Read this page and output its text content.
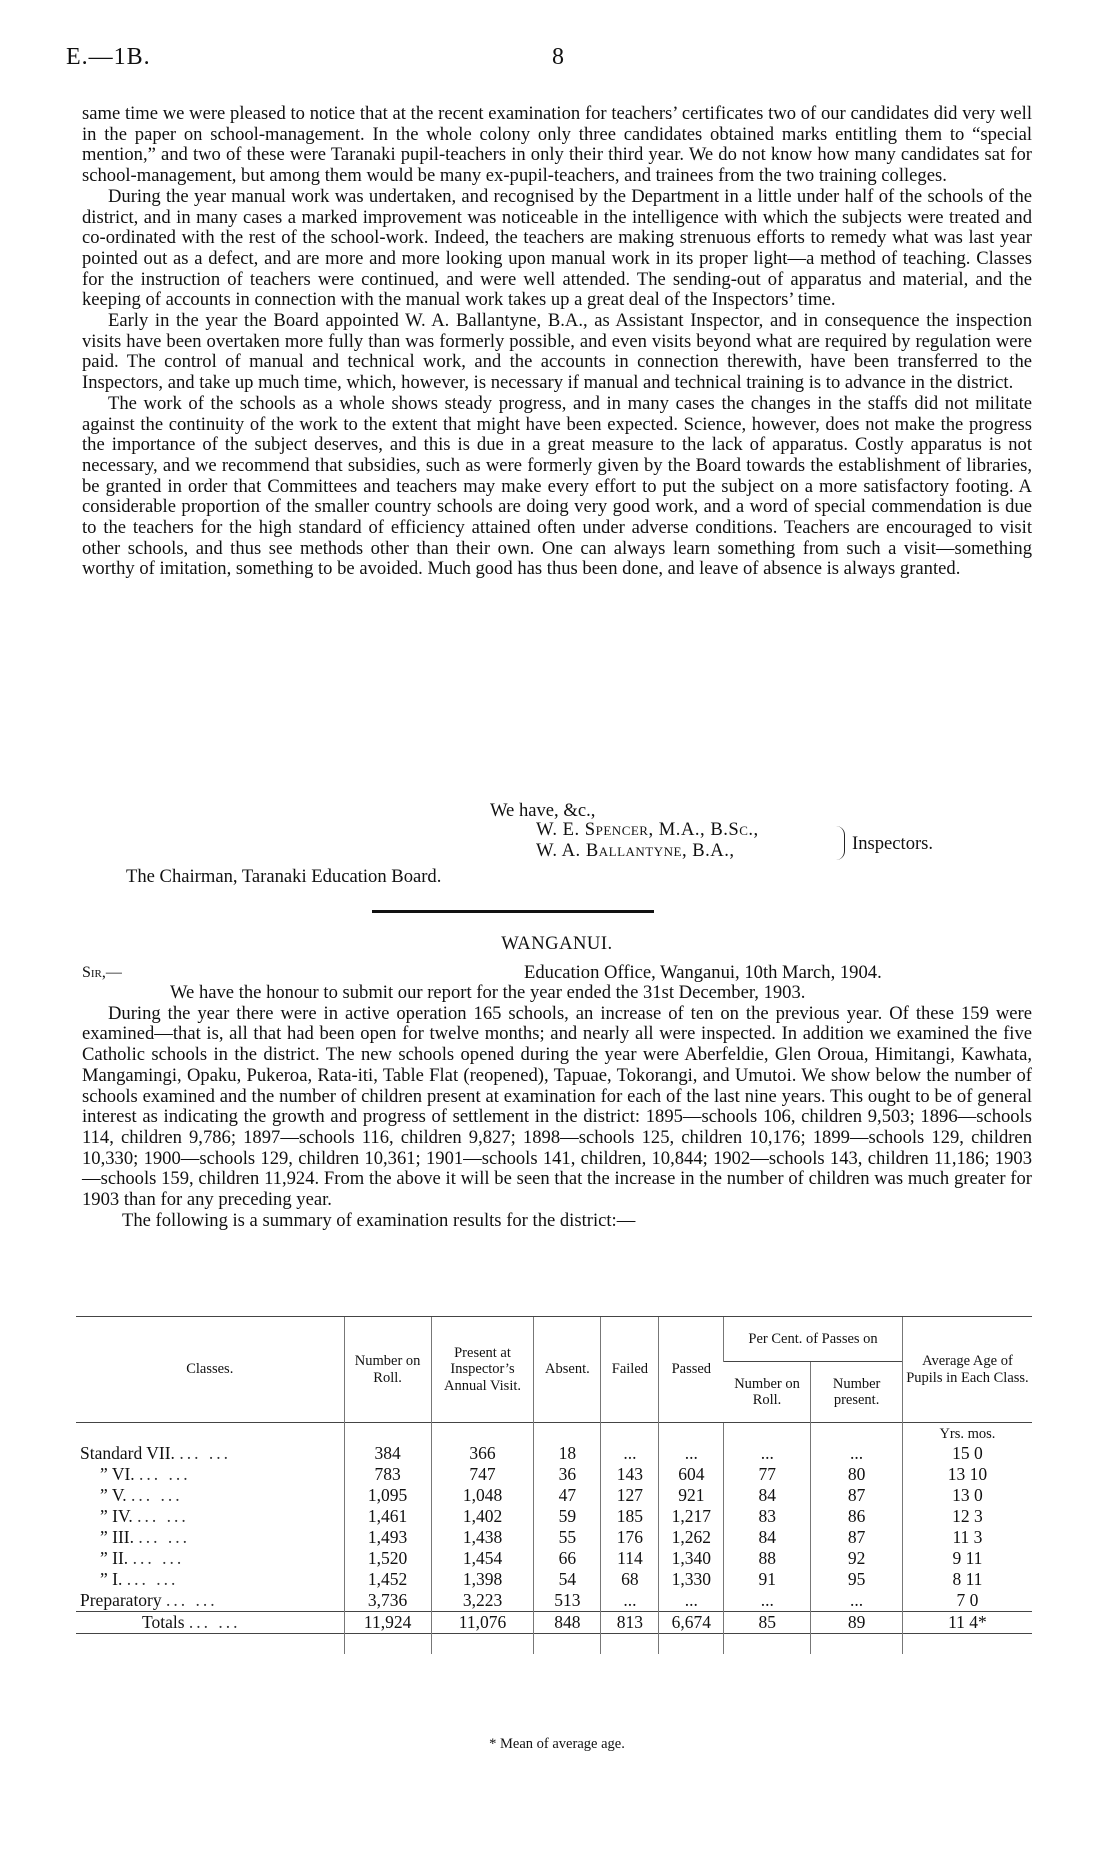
E.—1B.	8

same time we were pleased to notice that at the recent examination for teachers’ certificates two of our candidates did very well in the paper on school-management. In the whole colony only three candidates obtained marks entitling them to “special mention,” and two of these were Taranaki pupil-teachers in only their third year. We do not know how many candidates sat for school-management, but among them would be many ex-pupil-teachers, and trainees from the two training colleges.

During the year manual work was undertaken, and recognised by the Department in a little under half of the schools of the district, and in many cases a marked improvement was noticeable in the intelligence with which the subjects were treated and co-ordinated with the rest of the school-work. Indeed, the teachers are making strenuous efforts to remedy what was last year pointed out as a defect, and are more and more looking upon manual work in its proper light—a method of teaching. Classes for the instruction of teachers were continued, and were well attended. The sending-out of apparatus and material, and the keeping of accounts in connection with the manual work takes up a great deal of the Inspectors’ time.

Early in the year the Board appointed W. A. Ballantyne, B.A., as Assistant Inspector, and in consequence the inspection visits have been overtaken more fully than was formerly possible, and even visits beyond what are required by regulation were paid. The control of manual and technical work, and the accounts in connection therewith, have been transferred to the Inspectors, and take up much time, which, however, is necessary if manual and technical training is to advance in the district.

The work of the schools as a whole shows steady progress, and in many cases the changes in the staffs did not militate against the continuity of the work to the extent that might have been expected. Science, however, does not make the progress the importance of the subject deserves, and this is due in a great measure to the lack of apparatus. Costly apparatus is not necessary, and we recommend that subsidies, such as were formerly given by the Board towards the establishment of libraries, be granted in order that Committees and teachers may make every effort to put the subject on a more satisfactory footing. A considerable proportion of the smaller country schools are doing very good work, and a word of special commendation is due to the teachers for the high standard of efficiency attained often under adverse conditions. Teachers are encouraged to visit other schools, and thus see methods other than their own. One can always learn something from such a visit—something worthy of imitation, something to be avoided. Much good has thus been done, and leave of absence is always granted.

We have, &c.,
W. E. Spencer, M.A., B.Sc.,
W. A. Ballantyne, B.A.,	Inspectors.
The Chairman, Taranaki Education Board.
WANGANUI.
Sir,—	Education Office, Wanganui, 10th March, 1904.

We have the honour to submit our report for the year ended the 31st December, 1903.

During the year there were in active operation 165 schools, an increase of ten on the previous year. Of these 159 were examined—that is, all that had been open for twelve months; and nearly all were inspected. In addition we examined the five Catholic schools in the district. The new schools opened during the year were Aberfeldie, Glen Oroua, Himitangi, Kawhata, Mangamingi, Opaku, Pukeroa, Rata-iti, Table Flat (reopened), Tapuae, Tokorangi, and Umutoi. We show below the number of schools examined and the number of children present at examination for each of the last nine years. This ought to be of general interest as indicating the growth and progress of settlement in the district: 1895—schools 106, children 9,503; 1896—schools 114, children 9,786; 1897—schools 116, children 9,827; 1898—schools 125, children 10,176; 1899—schools 129, children 10,330; 1900—schools 129, children 10,361; 1901—schools 141, children, 10,844; 1902—schools 143, children 11,186; 1903—schools 159, children 11,924. From the above it will be seen that the increase in the number of children was much greater for 1903 than for any preceding year.

The following is a summary of examination results for the district:—

Classes.	Number on Roll.	Present at Inspector’s Annual Visit.	Absent.	Failed	Passed	Per Cent. of Passes on		Average Age of Pupils in Each Class.
						Number on Roll.	Number present.	
								Yrs. mos.
Standard VII. ... ...	384	366	18	...	...	...	...	15 0
” VI. ... ...	783	747	36	143	604	77	80	13 10
” V. ... ...	1,095	1,048	47	127	921	84	87	13 0
” IV. ... ...	1,461	1,402	59	185	1,217	83	86	12 3
” III. ... ...	1,493	1,438	55	176	1,262	84	87	11 3
” II. ... ...	1,520	1,454	66	114	1,340	88	92	9 11
” I. ... ...	1,452	1,398	54	68	1,330	91	95	8 11
Preparatory ... ...	3,736	3,223	513	...	...	...	...	7 0
Totals ... ...	11,924	11,076	848	813	6,674	85	89	11 4*

* Mean of average age.
